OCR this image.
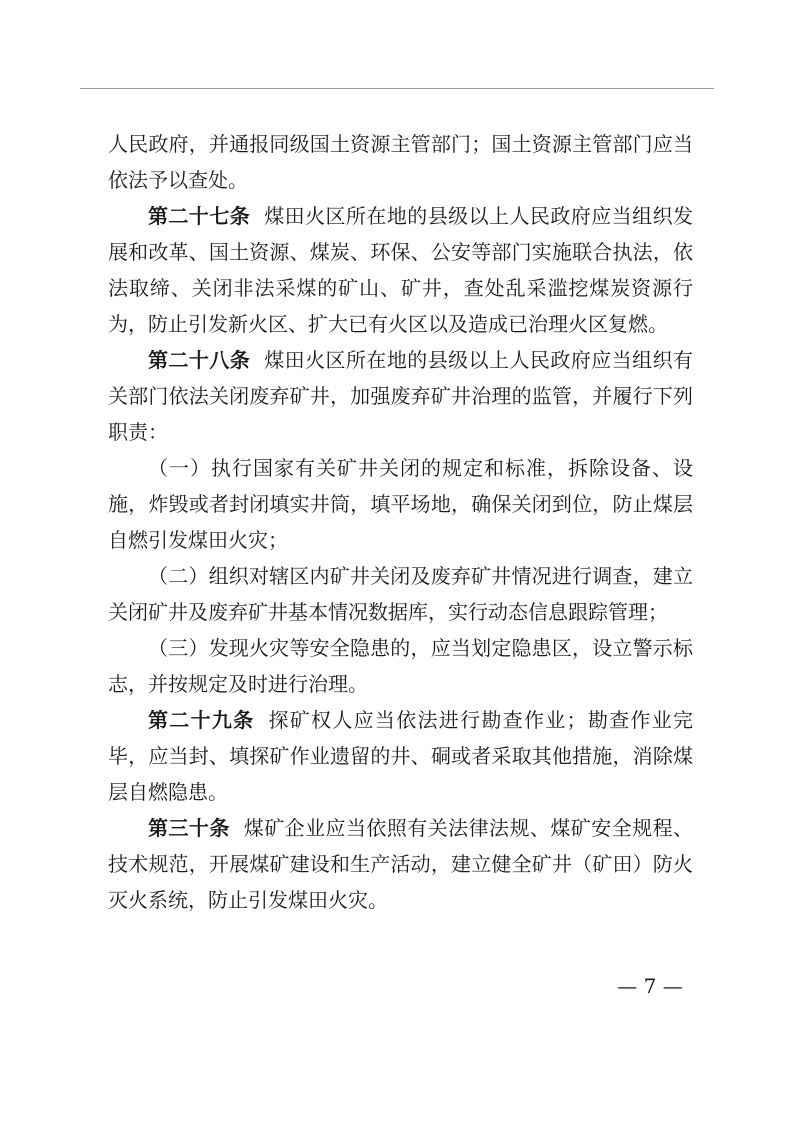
人民政府，并通报同级国土资源主管部门；国土资源主管部门应当依法予以查处。

第二十七条 煤田火区所在地的县级以上人民政府应当组织发展和改革、国土资源、煤炭、环保、公安等部门实施联合执法，依法取缔、关闭非法采煤的矿山、矿井，查处乱采滥挖煤炭资源行为，防止引发新火区、扩大已有火区以及造成已治理火区复燃。

第二十八条 煤田火区所在地的县级以上人民政府应当组织有关部门依法关闭废弃矿井，加强废弃矿井治理的监管，并履行下列职责：

（一）执行国家有关矿井关闭的规定和标准，拆除设备、设施，炸毁或者封闭填实井筒，填平场地，确保关闭到位，防止煤层自燃引发煤田火灾；

（二）组织对辖区内矿井关闭及废弃矿井情况进行调查，建立关闭矿井及废弃矿井基本情况数据库，实行动态信息跟踪管理；

（三）发现火灾等安全隐患的，应当划定隐患区，设立警示标志，并按规定及时进行治理。

第二十九条 探矿权人应当依法进行勘查作业；勘查作业完毕，应当封、填探矿作业遗留的井、硐或者采取其他措施，消除煤层自燃隐患。

第三十条 煤矿企业应当依照有关法律法规、煤矿安全规程、技术规范，开展煤矿建设和生产活动，建立健全矿井（矿田）防火灭火系统，防止引发煤田火灾。

— 7 —
